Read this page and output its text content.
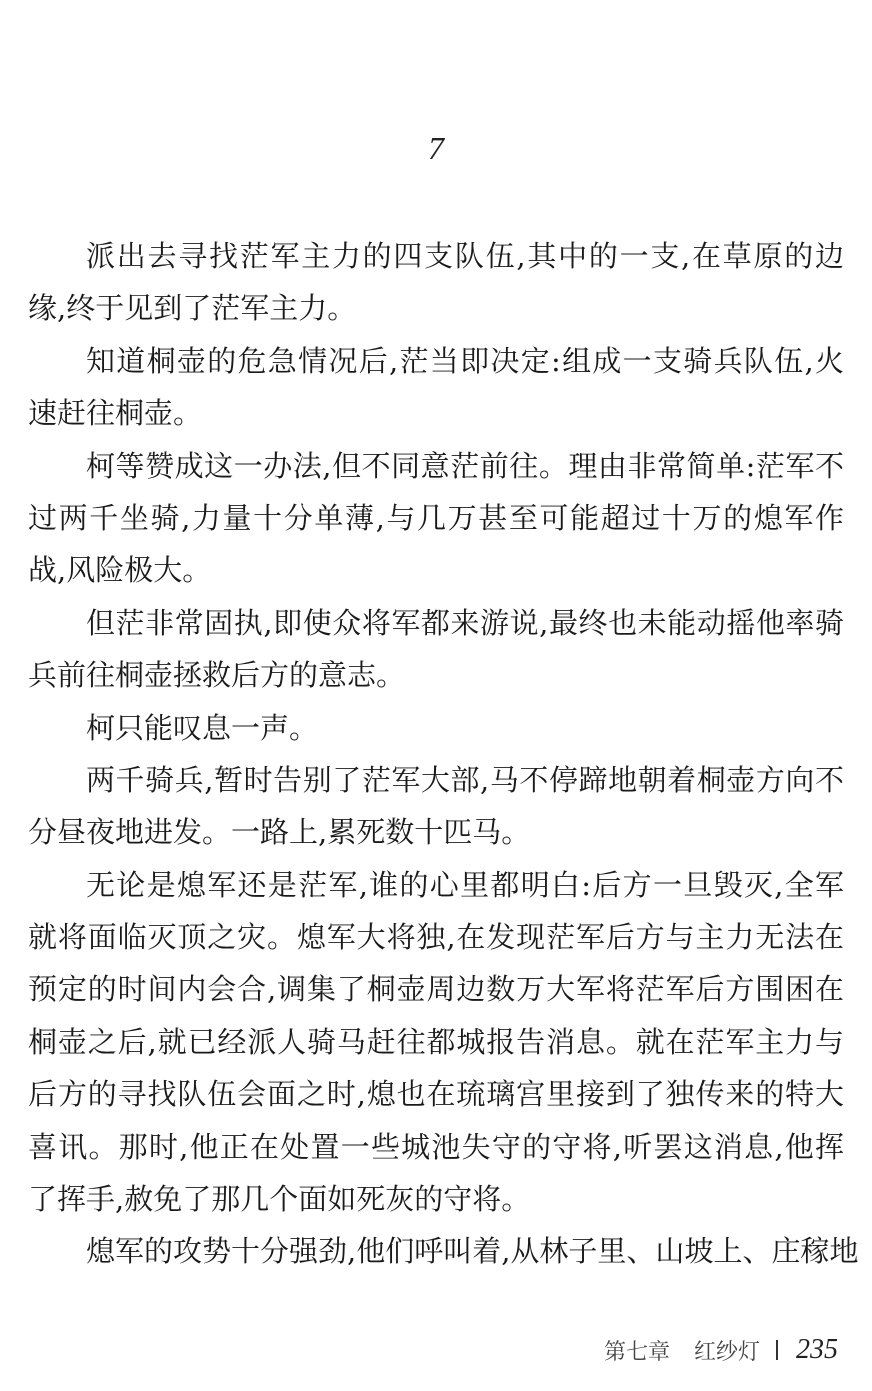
7
派出去寻找茫军主力的四支队伍,其中的一支,在草原的边
缘,终于见到了茫军主力。
知道桐壶的危急情况后,茫当即决定:组成一支骑兵队伍,火
速赶往桐壶。
柯等赞成这一办法,但不同意茫前往。理由非常简单:茫军不
过两千坐骑,力量十分单薄,与几万甚至可能超过十万的熄军作
战,风险极大。
但茫非常固执,即使众将军都来游说,最终也未能动摇他率骑
兵前往桐壶拯救后方的意志。
柯只能叹息一声。
两千骑兵,暂时告别了茫军大部,马不停蹄地朝着桐壶方向不
分昼夜地进发。一路上,累死数十匹马。
无论是熄军还是茫军,谁的心里都明白:后方一旦毁灭,全军
就将面临灭顶之灾。熄军大将独,在发现茫军后方与主力无法在
预定的时间内会合,调集了桐壶周边数万大军将茫军后方围困在
桐壶之后,就已经派人骑马赶往都城报告消息。就在茫军主力与
后方的寻找队伍会面之时,熄也在琉璃宫里接到了独传来的特大
喜讯。那时,他正在处置一些城池失守的守将,听罢这消息,他挥
了挥手,赦免了那几个面如死灰的守将。
熄军的攻势十分强劲,他们呼叫着,从林子里、山坡上、庄稼地
第七章 红纱灯 235
